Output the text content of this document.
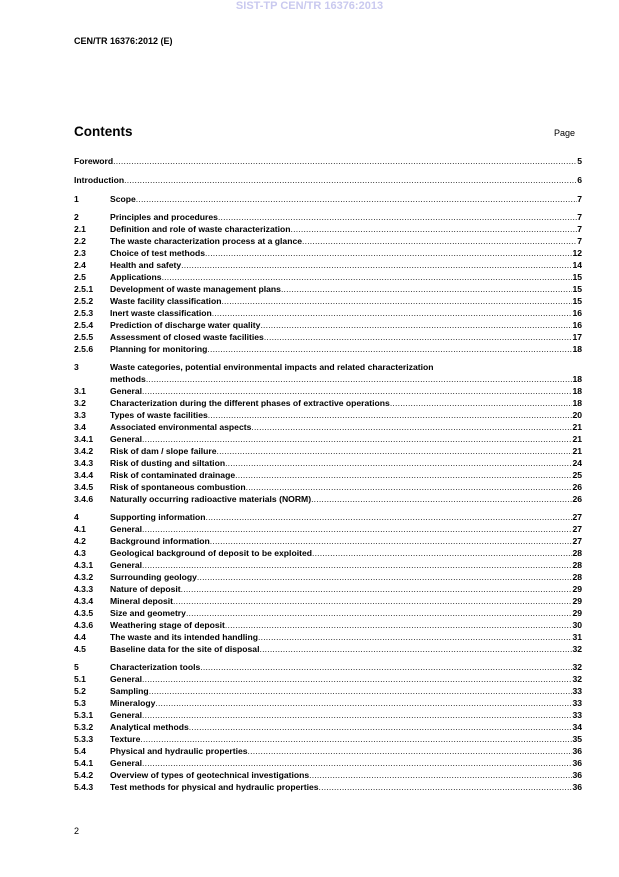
SIST-TP CEN/TR 16376:2013
CEN/TR 16376:2012 (E)
Contents	Page
Foreword .....	5
Introduction .....	6
1	Scope .....	7
2	Principles and procedures .....	7
2.1	Definition and role of waste characterization .....	7
2.2	The waste characterization process at a glance .....	7
2.3	Choice of test methods .....	12
2.4	Health and safety .....	14
2.5	Applications .....	15
2.5.1	Development of waste management plans .....	15
2.5.2	Waste facility classification .....	15
2.5.3	Inert waste classification .....	16
2.5.4	Prediction of discharge water quality .....	16
2.5.5	Assessment of closed waste facilities .....	17
2.5.6	Planning for monitoring .....	18
3	Waste categories, potential environmental impacts and related characterization
methods .....	18
3.1	General .....	18
3.2	Characterization during the different phases of extractive operations .....	18
3.3	Types of waste facilities .....	20
3.4	Associated environmental aspects .....	21
3.4.1	General .....	21
3.4.2	Risk of dam / slope failure .....	21
3.4.3	Risk of dusting and siltation .....	24
3.4.4	Risk of contaminated drainage .....	25
3.4.5	Risk of spontaneous combustion .....	26
3.4.6	Naturally occurring radioactive materials (NORM) .....	26
4	Supporting information .....	27
4.1	General .....	27
4.2	Background information .....	27
4.3	Geological background of deposit to be exploited .....	28
4.3.1	General .....	28
4.3.2	Surrounding geology .....	28
4.3.3	Nature of deposit .....	29
4.3.4	Mineral deposit .....	29
4.3.5	Size and geometry .....	29
4.3.6	Weathering stage of deposit .....	30
4.4	The waste and its intended handling .....	31
4.5	Baseline data for the site of disposal .....	32
5	Characterization tools .....	32
5.1	General .....	32
5.2	Sampling .....	33
5.3	Mineralogy .....	33
5.3.1	General .....	33
5.3.2	Analytical methods .....	34
5.3.3	Texture .....	35
5.4	Physical and hydraulic properties .....	36
5.4.1	General .....	36
5.4.2	Overview of types of geotechnical investigations .....	36
5.4.3	Test methods for physical and hydraulic properties .....	36
2
